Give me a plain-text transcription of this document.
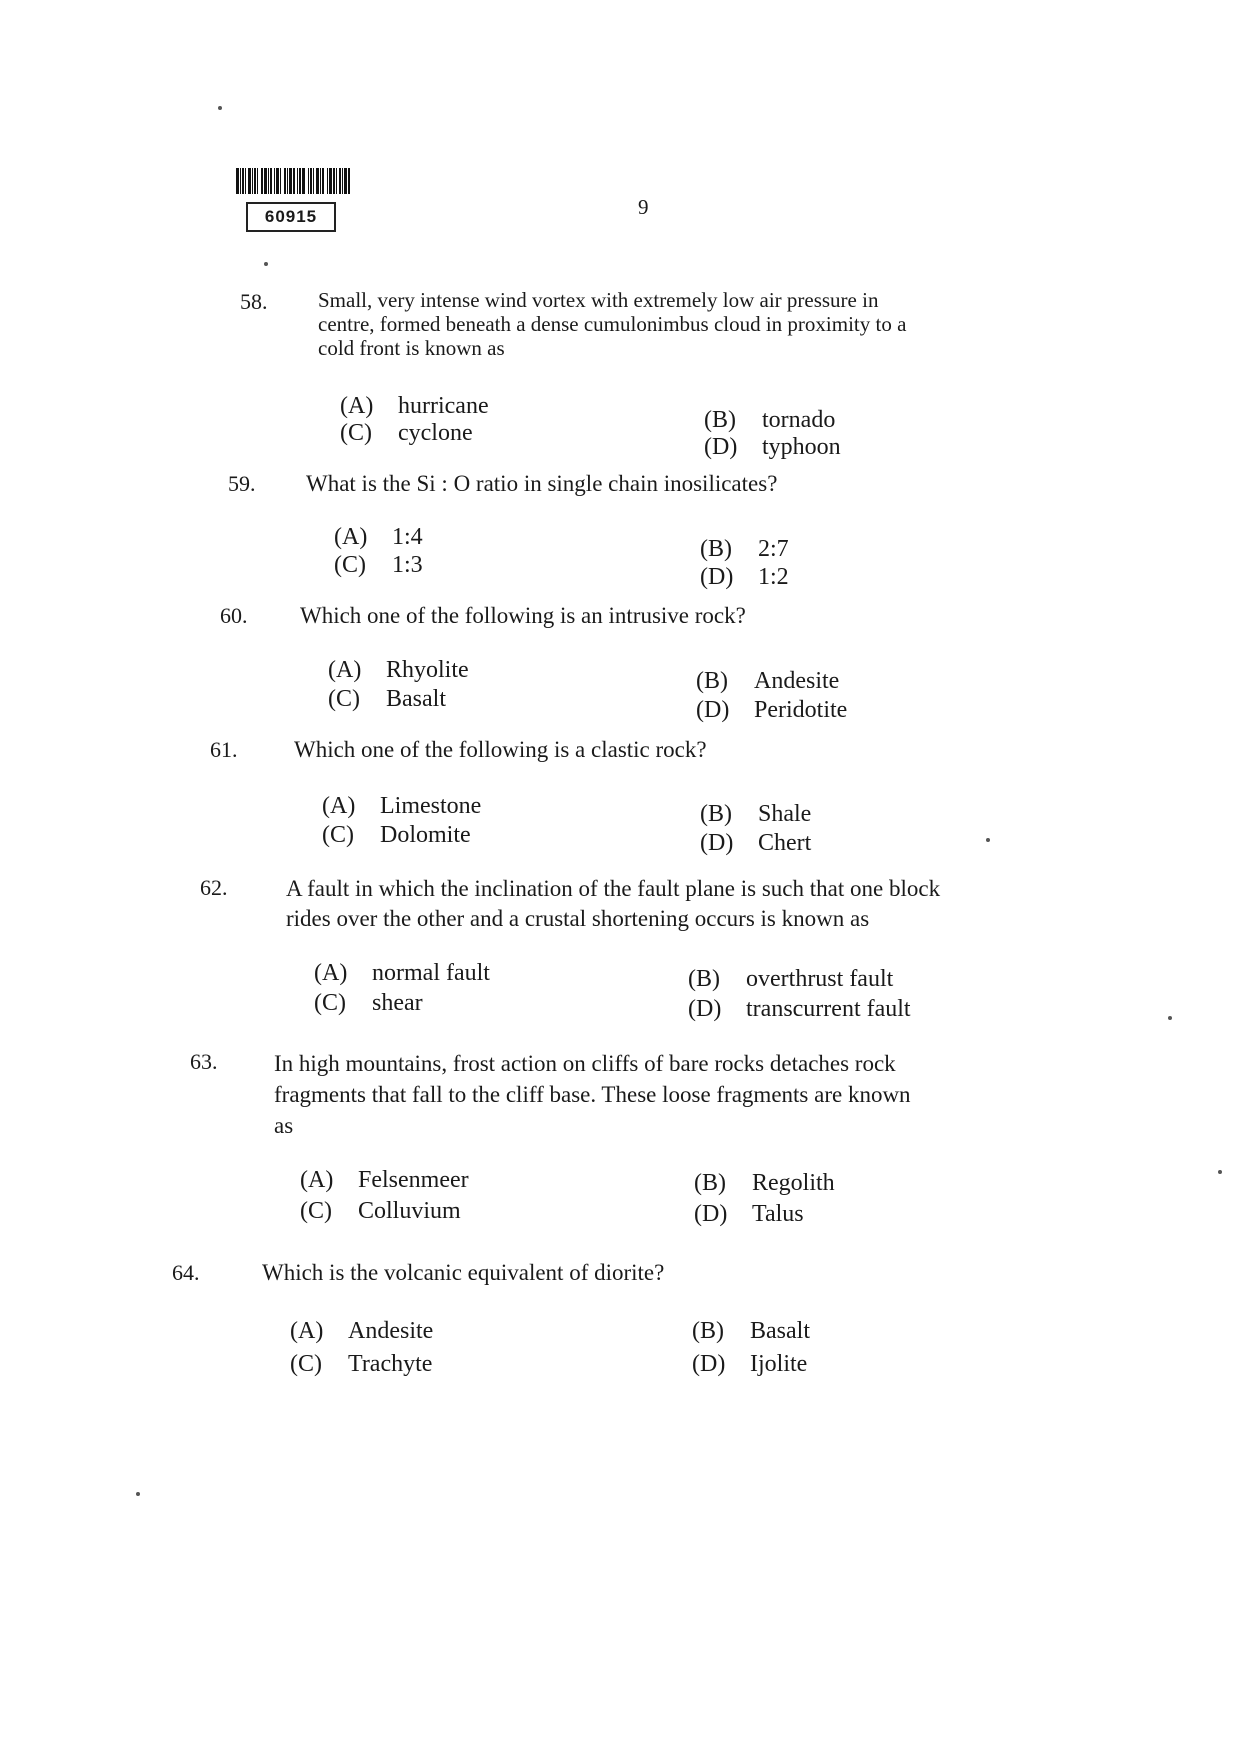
60915	9
58. Small, very intense wind vortex with extremely low air pressure in
centre, formed beneath a dense cumulonimbus cloud in proximity to a
cold front is known as
(A) hurricane
(C) cyclone	(B) tornado
(D) typhoon
59. What is the Si : O ratio in single chain inosilicates?
(A) 1:4
(C) 1:3
(B) 2:7
(D) 1:2
60. Which one of the following is an intrusive rock?
(A) Rhyolite
(C) Basalt
(B) Andesite
(D) Peridotite
61. Which one of the following is a clastic rock?
(A) Limestone
(C) Dolomite
(B) Shale
(D) Chert
62.	A fault in which the inclination of the fault plane is such that one block
rides over the other and a crustal shortening occurs is known as
(A) normal fault
(C) shear
(B) overthrust fault
(D) transcurrent fault
63. In high mountains, frost action on cliffs of bare rocks detaches rock
fragments that fall to the cliff base. These loose fragments are known
as
(A) Felsenmeer
(C) Colluvium
(B) Regolith
(D) Talus
64.	Which is the volcanic equivalent of diorite?
(A) Andesite
(C) Trachyte
(B) Basalt
(D) Ijolite
